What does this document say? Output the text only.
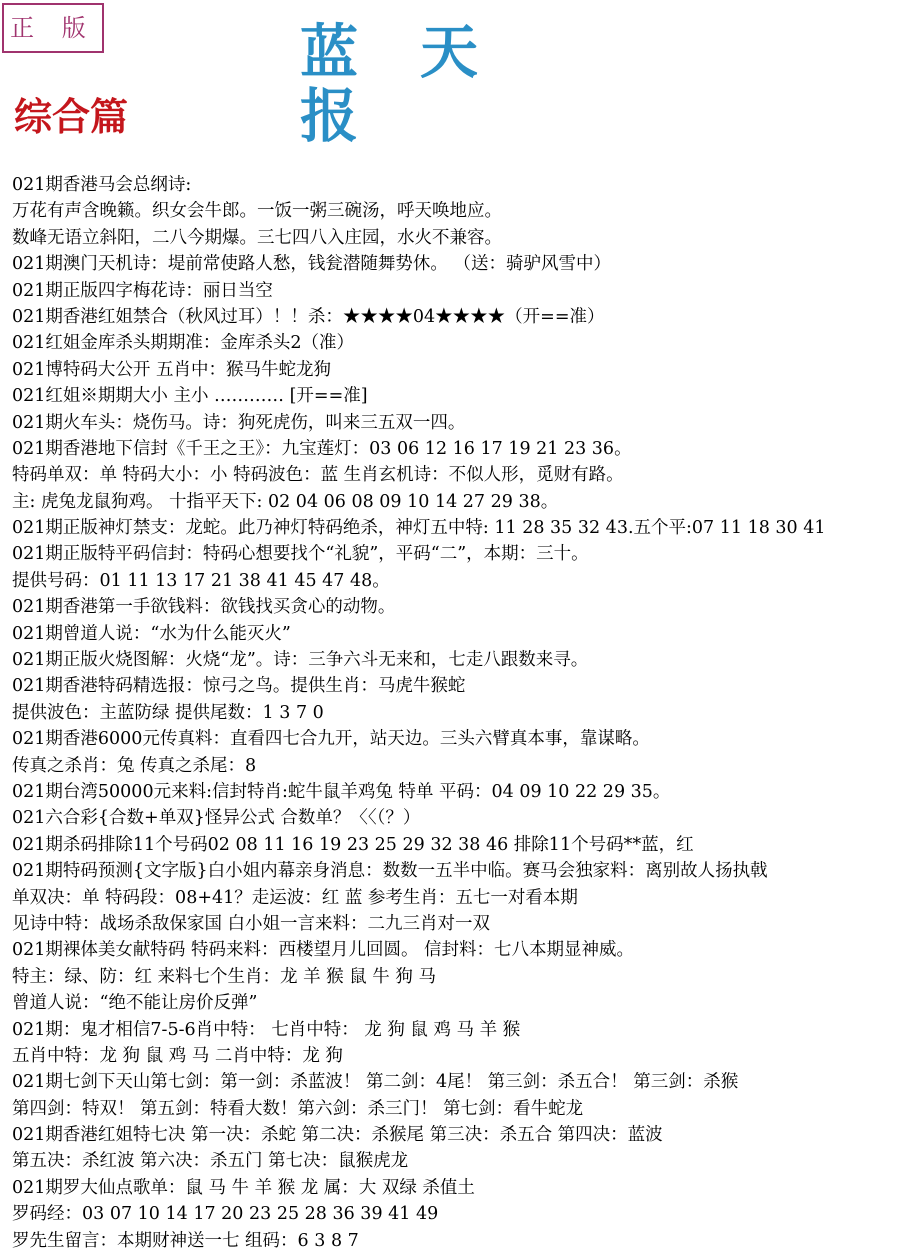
正 版	蓝天报
综合篇
021期香港马会总纲诗:
万花有声含晚籁。织女会牛郎。一饭一粥三碗汤，呼天唤地应。
数峰无语立斜阳，二八今期爆。三七四八入庄园，水火不兼容。
021期澳门天机诗：堤前常使路人愁，钱瓮潜随舞势休。 （送：骑驴风雪中）
021期正版四字梅花诗：丽日当空
021期香港红姐禁合（秋风过耳）！！杀：★★★★04★★★★（开==准）
021红姐金库杀头期期准：金库杀头2（准）
021博特码大公开 五肖中：猴马牛蛇龙狗
021红姐※期期大小 主小 ………… [开==准]
021期火车头：烧伤马。诗：狗死虎伤，叫来三五双一四。
021期香港地下信封《千王之王》：九宝莲灯：03 06 12 16 17 19 21 23 36。
特码单双：单 特码大小：小 特码波色：蓝 生肖玄机诗：不似人形，觅财有路。
主: 虎兔龙鼠狗鸡。 十指平天下: 02 04 06 08 09 10 14 27 29 38。
021期正版神灯禁支：龙蛇。此乃神灯特码绝杀，神灯五中特: 11 28 35 32 43.五个平:07 11 18 30 41
021期正版特平码信封：特码心想要找个“礼貌”，平码“二”，本期：三十。
提供号码：01 11 13 17 21 38 41 45 47 48。
021期香港第一手欲钱料：欲钱找买贪心的动物。
021期曾道人说：“水为什么能灭火”
021期正版火烧图解：火烧“龙”。诗：三争六斗无来和，七走八跟数来寻。
021期香港特码精选报：惊弓之鸟。提供生肖：马虎牛猴蛇
提供波色：主蓝防绿 提供尾数：1 3 7 0
021期香港6000元传真料：直看四七合九开，站天边。三头六臂真本事，靠谋略。
传真之杀肖：兔 传真之杀尾：8
021期台湾50000元来料:信封特肖:蛇牛鼠羊鸡兔 特单 平码：04 09 10 22 29 35。
021六合彩{合数+单双}怪异公式 合数单？〈〈（？）
021期杀码排除11个号码02 08 11 16 19 23 25 29 32 38 46 排除11个号码**蓝，红
021期特码预测{文字版}白小姐内幕亲身消息：数数一五半中临。赛马会独家料：离别故人扬执戟
单双决：单 特码段：08+41？走运波：红 蓝 参考生肖：五七一对看本期
见诗中特：战场杀敌保家国 白小姐一言来料：二九三肖对一双
021期裸体美女献特码 特码来料：西楼望月儿回圆。 信封料：七八本期显神威。
特主：绿、防：红 来料七个生肖：龙 羊 猴 鼠 牛 狗 马
曾道人说：“绝不能让房价反弹”
021期：鬼才相信7-5-6肖中特： 七肖中特： 龙 狗 鼠 鸡 马 羊 猴
五肖中特：龙 狗 鼠 鸡 马 二肖中特：龙 狗
021期七剑下天山第七剑：第一剑：杀蓝波！ 第二剑：4尾！ 第三剑：杀五合！ 第三剑：杀猴
第四剑：特双！ 第五剑：特看大数！第六剑：杀三门！ 第七剑：看牛蛇龙
021期香港红姐特七决 第一决：杀蛇 第二决：杀猴尾 第三决：杀五合 第四决：蓝波
第五决：杀红波 第六决：杀五门 第七决：鼠猴虎龙
021期罗大仙点歌单：鼠 马 牛 羊 猴 龙 属：大 双绿 杀值土
罗码经：03 07 10 14 17 20 23 25 28 36 39 41 49
罗先生留言：本期财神送一七 组码：6 3 8 7
